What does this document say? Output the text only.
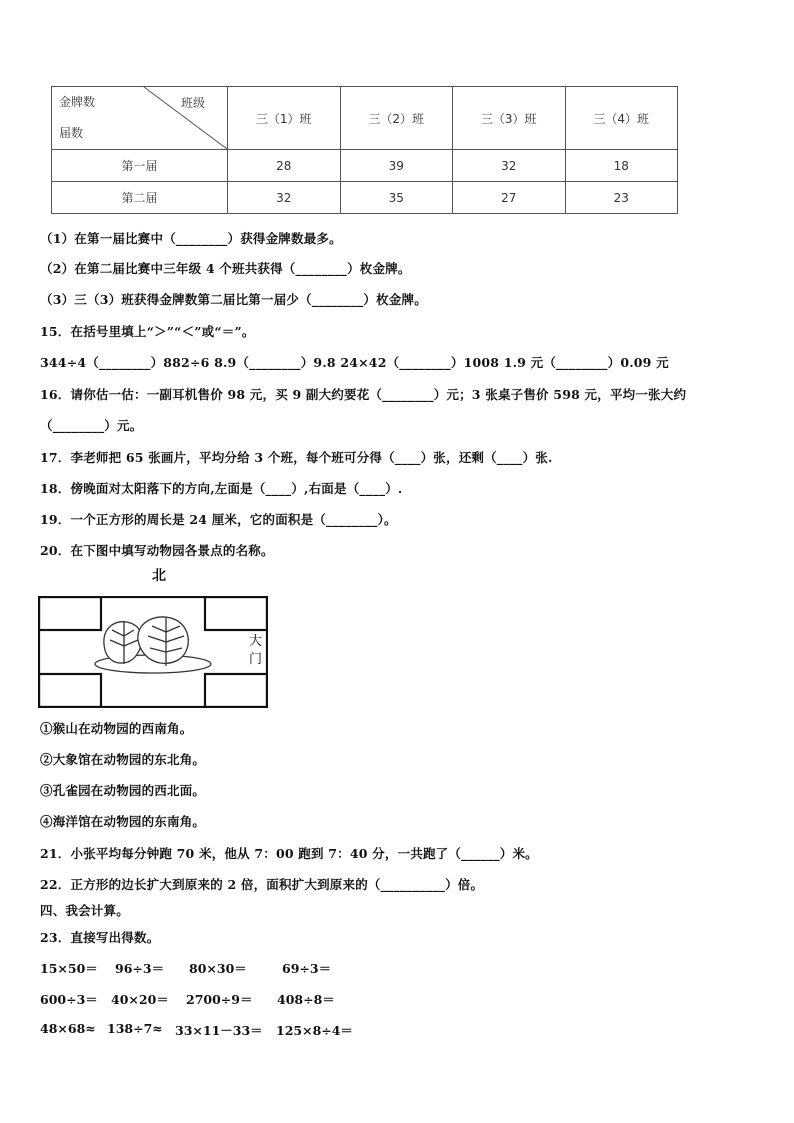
金牌数 班级
届数	三（1）班	三（2）班	三（3）班	三（4）班
第一届	28	39	32	18
第二届	32	35	27	23
（1）在第一届比赛中（________）获得金牌数最多。
（2）在第二届比赛中三年级 4 个班共获得（________）枚金牌。
（3）三（3）班获得金牌数第二届比第一届少（________）枚金牌。
15．在括号里填上“＞”“＜”或“＝”。
344÷4（________）882÷6 8.9（________）9.8 24×42（________）1008 1.9 元（________）0.09 元
16．请你估一估：一副耳机售价 98 元，买 9 副大约要花（________）元；3 张桌子售价 598 元，平均一张大约
（________）元。
17．李老师把 65 张画片，平均分给 3 个班，每个班可分得（____）张，还剩（____）张.
18．傍晚面对太阳落下的方向,左面是（____）,右面是（____）.
19．一个正方形的周长是 24 厘米，它的面积是（________）。
20．在下图中填写动物园各景点的名称。
北
大门
①猴山在动物园的西南角。
②大象馆在动物园的东北角。
③孔雀园在动物园的西北面。
④海洋馆在动物园的东南角。
21．小张平均每分钟跑 70 米，他从 7：00 跑到 7：40 分，一共跑了（______）米。
22．正方形的边长扩大到原来的 2 倍，面积扩大到原来的（__________）倍。
四、我会计算。
23．直接写出得数。
15×50＝ 96÷3＝ 80×30＝	69÷3＝
600÷3＝ 40×20＝ 2700÷9＝ 408÷8＝
48×68≈ 138÷7≈ 33×11－33＝ 125×8÷4＝
